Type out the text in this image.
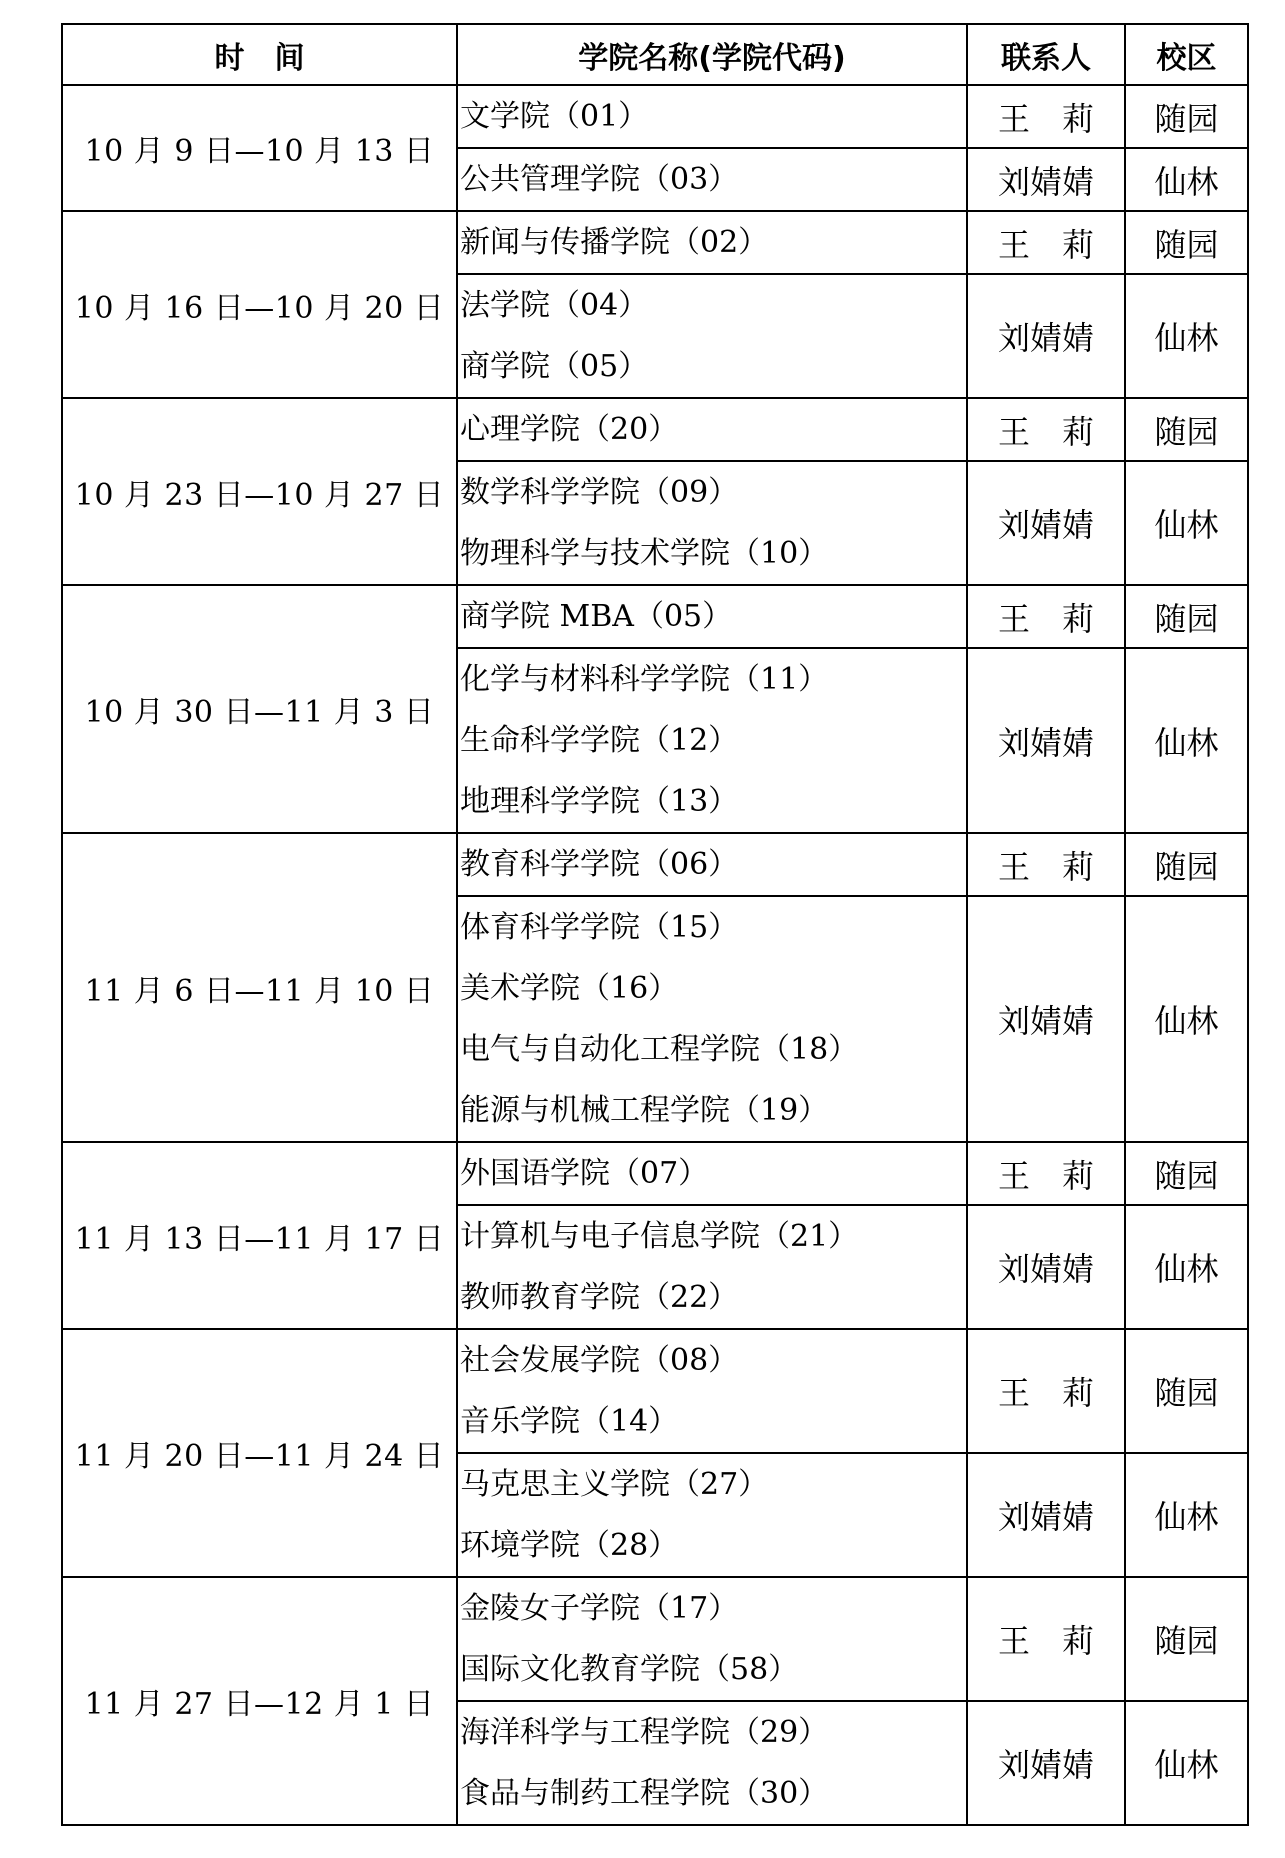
时　间	学院名称(学院代码)	联系人	校区
10 月 9 日—10 月 13 日	文学院（01）	王　莉	随园

	公共管理学院（03）	刘婧婧	仙林
10 月 16 日—10 月 20 日	新闻与传播学院（02）	王　莉	随园

	法学院（04）
商学院（05）	刘婧婧	仙林
10 月 23 日—10 月 27 日	心理学院（20）	王　莉	随园

	数学科学学院（09）
物理科学与技术学院（10）	刘婧婧	仙林
10 月 30 日—11 月 3 日	商学院 MBA（05）	王　莉	随园

	化学与材料科学学院（11）
生命科学学院（12）
地理科学学院（13）	刘婧婧	仙林
11 月 6 日—11 月 10 日	教育科学学院（06）	王　莉	随园

	体育科学学院（15）
美术学院（16）
电气与自动化工程学院（18）
能源与机械工程学院（19）	刘婧婧	仙林
11 月 13 日—11 月 17 日	外国语学院（07）	王　莉	随园

	计算机与电子信息学院（21）
教师教育学院（22）	刘婧婧	仙林
11 月 20 日—11 月 24 日	社会发展学院（08）
音乐学院（14）	王　莉	随园

	马克思主义学院（27）
环境学院（28）	刘婧婧	仙林
11 月 27 日—12 月 1 日	金陵女子学院（17）
国际文化教育学院（58）	王　莉	随园

	海洋科学与工程学院（29）
食品与制药工程学院（30）	刘婧婧	仙林
